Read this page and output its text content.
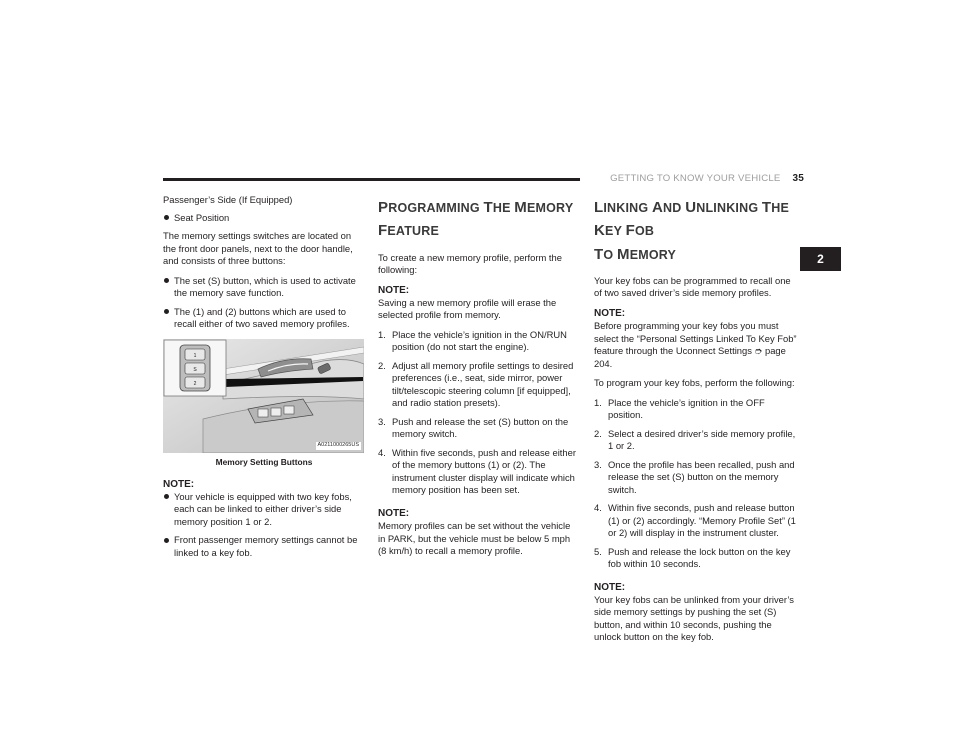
GETTING TO KNOW YOUR VEHICLE 35
2

Passenger’s Side (If Equipped)

Seat Position

The memory settings switches are located on the front door panels, next to the door handle, and consists of three buttons:

The set (S) button, which is used to activate the memory save function.
The (1) and (2) buttons which are used to recall either of two saved memory profiles.
1
S
2
A0211000265US
Memory Setting Buttons
NOTE:
Your vehicle is equipped with two key fobs, each can be linked to either driver’s side memory position 1 or 2.
Front passenger memory settings cannot be linked to a key fob.
PROGRAMMING THE MEMORY FEATURE

To create a new memory profile, perform the following:

NOTE:

Saving a new memory profile will erase the selected profile from memory.

1. Place the vehicle’s ignition in the ON/RUN position (do not start the engine).
2. Adjust all memory profile settings to desired preferences (i.e., seat, side mirror, power tilt/telescopic steering column [if equipped], and radio station presets).
3. Push and release the set (S) button on the memory switch.
4. Within five seconds, push and release either of the memory buttons (1) or (2). The instrument cluster display will indicate which memory position has been set.
NOTE:

Memory profiles can be set without the vehicle in PARK, but the vehicle must be below 5 mph (8 km/h) to recall a memory profile.

LINKING AND UNLINKING THE KEY FOB
TO MEMORY

Your key fobs can be programmed to recall one of two saved driver’s side memory profiles.

NOTE:

Before programming your key fobs you must select the “Personal Settings Linked To Key Fob” feature through the Uconnect Settings ➮ page 204.

To program your key fobs, perform the following:

1. Place the vehicle’s ignition in the OFF position.
2. Select a desired driver’s side memory profile, 1 or 2.
3. Once the profile has been recalled, push and release the set (S) button on the memory switch.
4. Within five seconds, push and release button (1) or (2) accordingly. “Memory Profile Set” (1 or 2) will display in the instrument cluster.
5. Push and release the lock button on the key fob within 10 seconds.
NOTE:

Your key fobs can be unlinked from your driver’s side memory settings by pushing the set (S) button, and within 10 seconds, pushing the unlock button on the key fob.
